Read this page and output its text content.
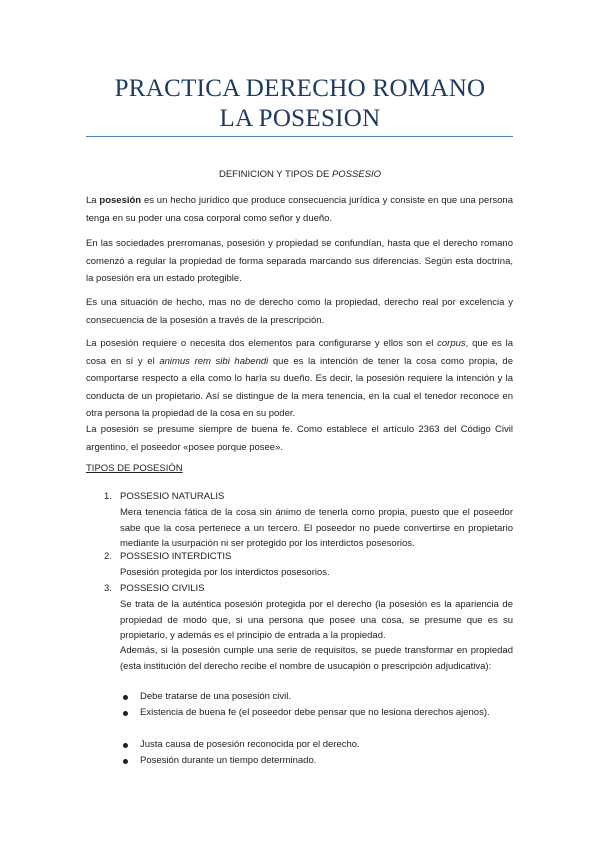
PRACTICA DERECHO ROMANO
LA POSESION
DEFINICION Y TIPOS DE POSSESIO
La posesión es un hecho jurídico que produce consecuencia jurídica y consiste en que una persona tenga en su poder una cosa corporal como señor y dueño.
En las sociedades prerromanas, posesión y propiedad se confundían, hasta que el derecho romano comenzó a regular la propiedad de forma separada marcando sus diferencias. Según esta doctrina, la posesión era un estado protegible.
Es una situación de hecho, mas no de derecho como la propiedad, derecho real por excelencia y consecuencia de la posesión a través de la prescripción.
La posesión requiere o necesita dos elementos para configurarse y ellos son el corpus, que es la cosa en sí y el animus rem sibi habendi que es la intención de tener la cosa como propia, de comportarse respecto a ella como lo haría su dueño. Es decir, la posesión requiere la intención y la conducta de un propietario. Así se distingue de la mera tenencia, en la cual el tenedor reconoce en otra persona la propiedad de la cosa en su poder.
La posesión se presume siempre de buena fe. Como establece el artículo 2363 del Código Civil argentino, el poseedor «posee porque posee».
TIPOS DE POSESIÓN
1. POSSESIO NATURALIS
Mera tenencia fática de la cosa sin ánimo de tenerla como propia, puesto que el poseedor sabe que la cosa pertenece a un tercero. El poseedor no puede convertirse en propietario mediante la usurpación ni ser protegido por los interdictos posesorios.
2. POSSESIO INTERDICTIS
Posesión protegida por los interdictos posesorios.
3. POSSESIO CIVILIS
Se trata de la auténtica posesión protegida por el derecho (la posesión es la apariencia de propiedad de modo que, si una persona que posee una cosa, se presume que es su propietario, y además es el principio de entrada a la propiedad.
Además, si la posesión cumple una serie de requisitos, se puede transformar en propiedad (esta institución del derecho recibe el nombre de usucapión o prescripción adjudicativa):
Debe tratarse de una posesión civil.
Existencia de buena fe (el poseedor debe pensar que no lesiona derechos ajenos).
Justa causa de posesión reconocida por el derecho.
Posesión durante un tiempo determinado.
